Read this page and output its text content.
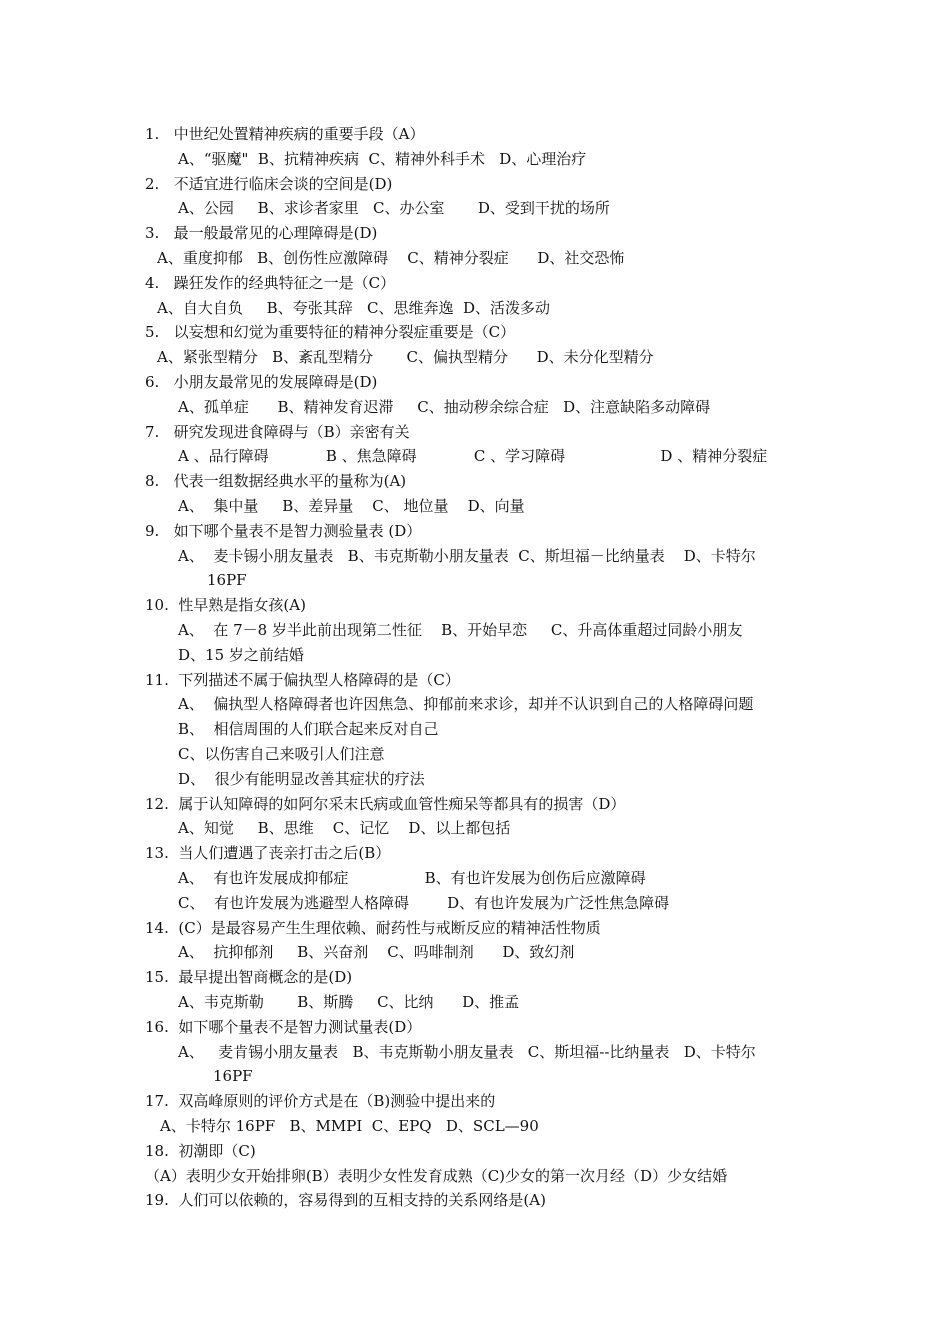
1.   中世纪处置精神疾病的重要手段（A）

A、“驱魔"  B、抗精神疾病  C、精神外科手术   D、心理治疗

2.   不适宜进行临床会谈的空间是(D)

A、公园     B、求诊者家里   C、办公室       D、受到干扰的场所

3.   最一般最常见的心理障碍是(D)

A、重度抑郁   B、创伤性应激障碍    C、精神分裂症      D、社交恐怖

4.   躁狂发作的经典特征之一是（C）

A、自大自负     B、夸张其辞   C、思维奔逸  D、活泼多动

5.   以妄想和幻觉为重要特征的精神分裂症重要是（C）

A、紧张型精分   B、紊乱型精分       C、偏执型精分      D、未分化型精分

6.   小朋友最常见的发展障碍是(D)

A、孤单症      B、精神发育迟滞     C、抽动秽余综合症   D、注意缺陷多动障碍

7.   研究发现进食障碍与（B）亲密有关

A 、品行障碍            B 、焦急障碍            C 、学习障碍                    D 、精神分裂症

8.   代表一组数据经典水平的量称为(A)

A、  集中量     B、差异量    C、 地位量    D、向量

9.   如下哪个量表不是智力测验量表 (D）

A、  麦卡锡小朋友量表   B、韦克斯勒小朋友量表  C、斯坦福－比纳量表    D、卡特尔

16PF

10.  性早熟是指女孩(A)

A、  在 7－8 岁半此前出现第二性征    B、开始早恋     C、升高体重超过同龄小朋友

D、15 岁之前结婚

11.  下列描述不属于偏执型人格障碍的是（C）

A、  偏执型人格障碍者也许因焦急、抑郁前来求诊，却并不认识到自己的人格障碍问题

B、  相信周围的人们联合起来反对自己

C、以伤害自己来吸引人们注意

D、  很少有能明显改善其症状的疗法

12.  属于认知障碍的如阿尔采末氏病或血管性痴呆等都具有的损害（D）

A、知觉     B、思维    C、记忆    D、以上都包括

13.  当人们遭遇了丧亲打击之后(B）

A、  有也许发展成抑郁症                B、有也许发展为创伤后应激障碍

C、  有也许发展为逃避型人格障碍        D、有也许发展为广泛性焦急障碍

14.  (C）是最容易产生生理依赖、耐药性与戒断反应的精神活性物质

A、  抗抑郁剂     B、兴奋剂    C、吗啡制剂      D、致幻剂

15.  最早提出智商概念的是(D)

A、韦克斯勒       B、斯腾     C、比纳      D、推孟

16.  如下哪个量表不是智力测试量表(D）

A、   麦肯锡小朋友量表   B、韦克斯勒小朋友量表   C、斯坦福--比纳量表   D、卡特尔

16PF

17.  双高峰原则的评价方式是在（B)测验中提出来的

A、卡特尔 16PF   B、MMPI  C、EPQ   D、SCL—90

18.  初潮即（C)

（A）表明少女开始排卵(B）表明少女性发育成熟（C)少女的第一次月经（D）少女结婚

19.  人们可以依赖的，容易得到的互相支持的关系网络是(A)
